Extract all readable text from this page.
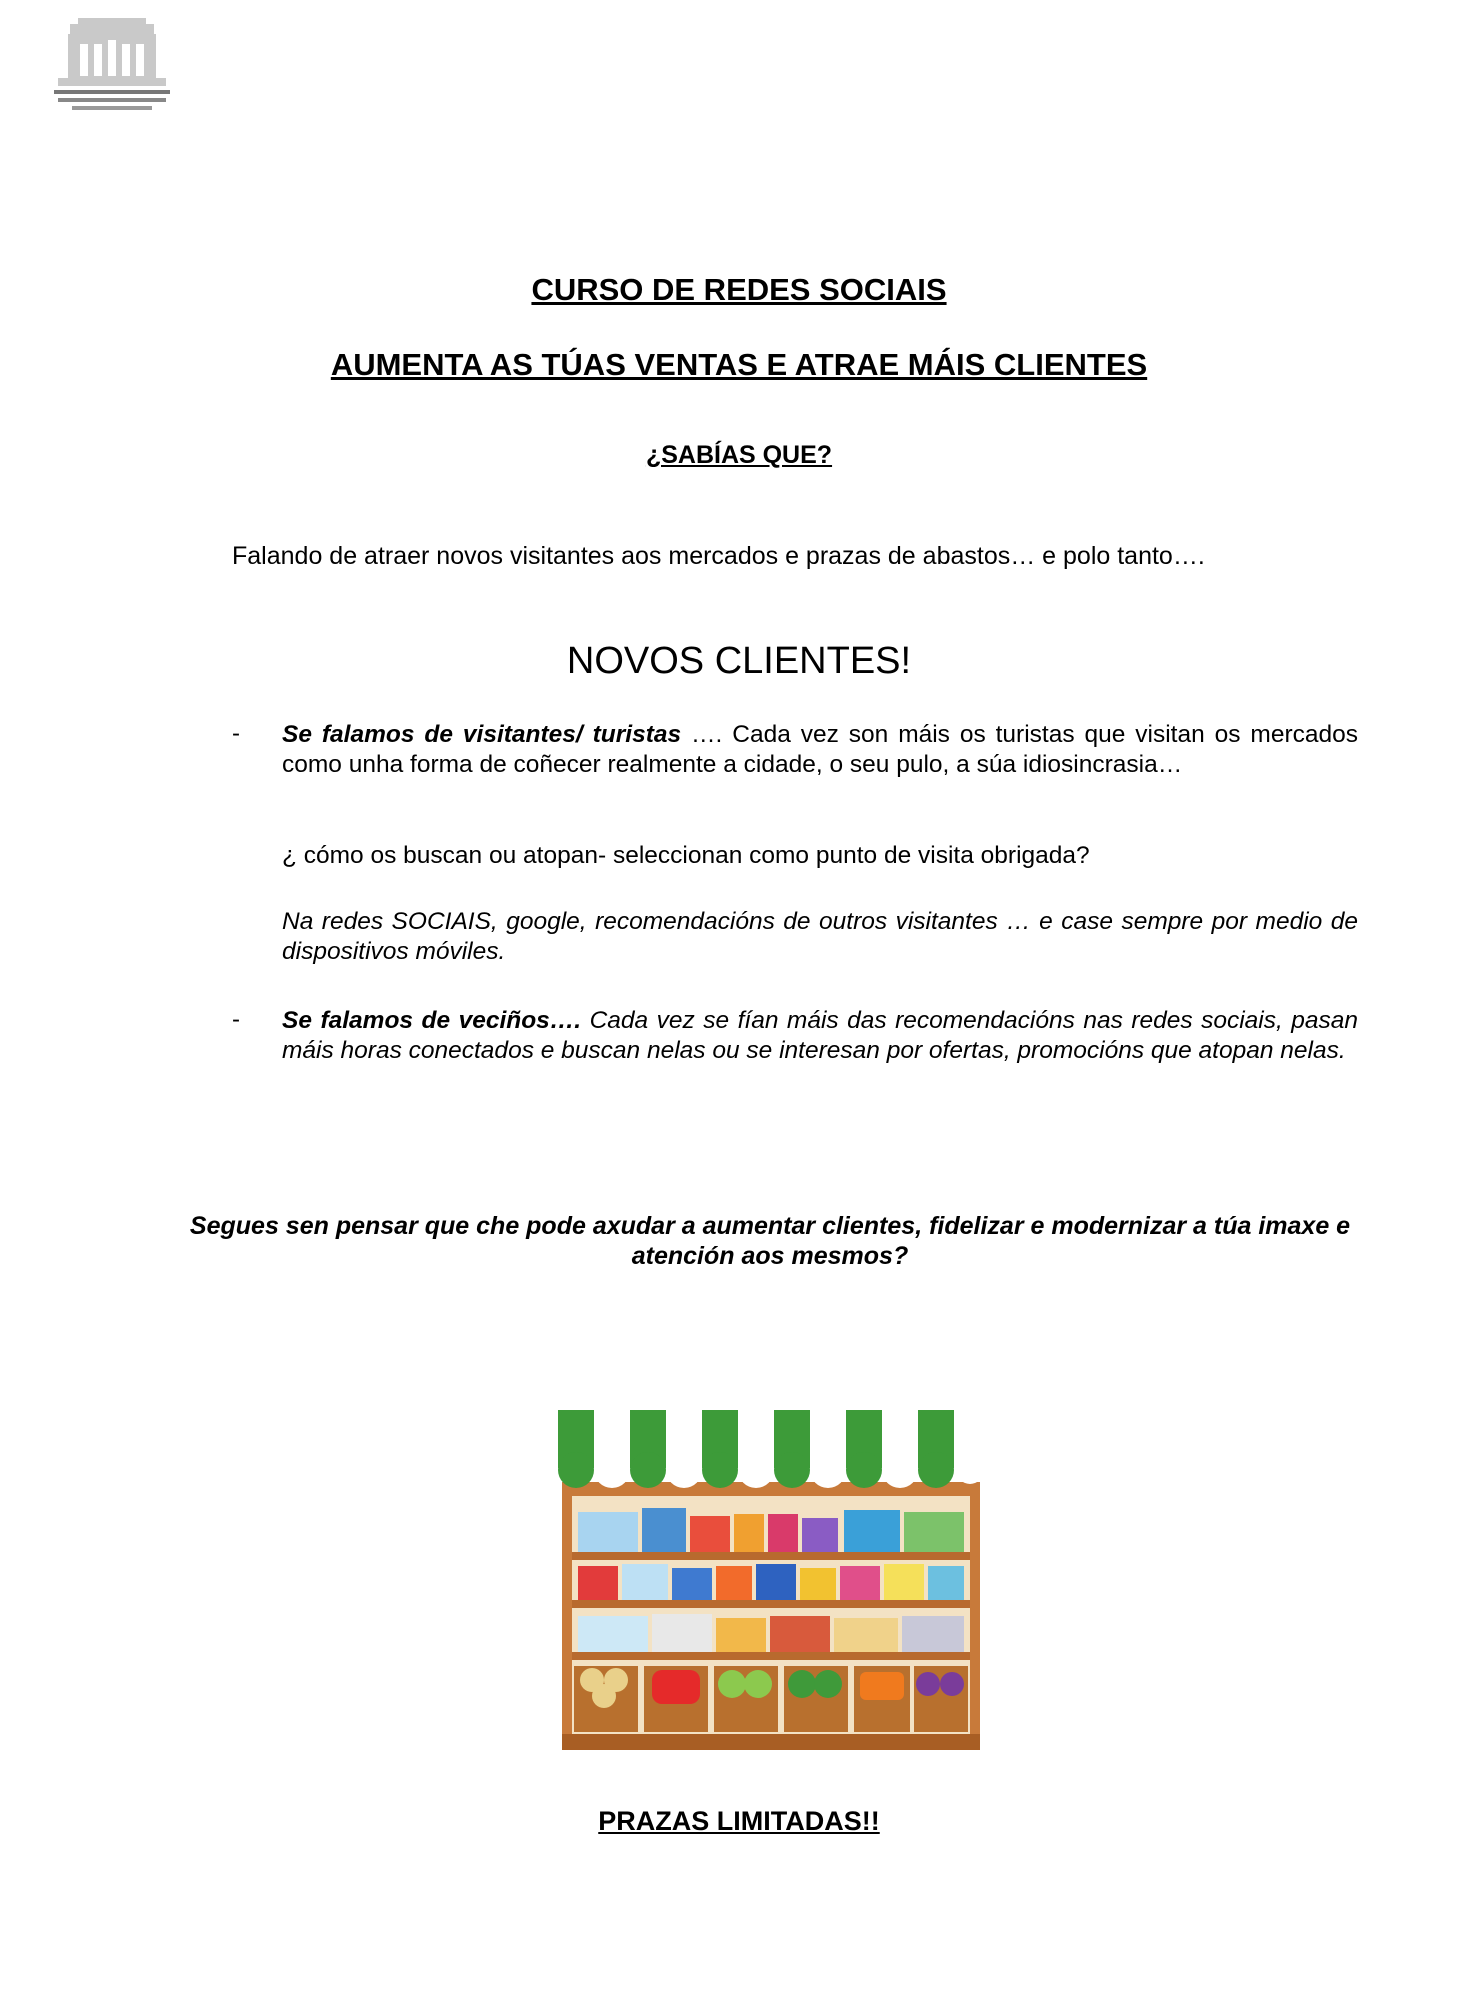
CURSO DE REDES SOCIAIS
AUMENTA AS TÚAS VENTAS E ATRAE MÁIS CLIENTES
¿SABÍAS QUE?
Falando de atraer novos visitantes aos mercados e prazas de abastos… e polo tanto….
NOVOS CLIENTES!
- Se falamos de visitantes/ turistas …. Cada vez son máis os turistas que visitan os mercados como unha forma de coñecer realmente a cidade, o seu pulo, a súa idiosincrasia…
¿ cómo os buscan ou atopan- seleccionan como punto de visita obrigada?
Na redes SOCIAIS, google, recomendacións de outros visitantes … e case sempre por medio de dispositivos móviles.
- Se falamos de veciños…. Cada vez se fían máis das recomendacións nas redes sociais, pasan máis horas conectados e buscan nelas ou se interesan por ofertas, promocións que atopan nelas.
Segues sen pensar que che pode axudar a aumentar clientes, fidelizar e modernizar a túa imaxe e atención aos mesmos?
PRAZAS LIMITADAS!!
